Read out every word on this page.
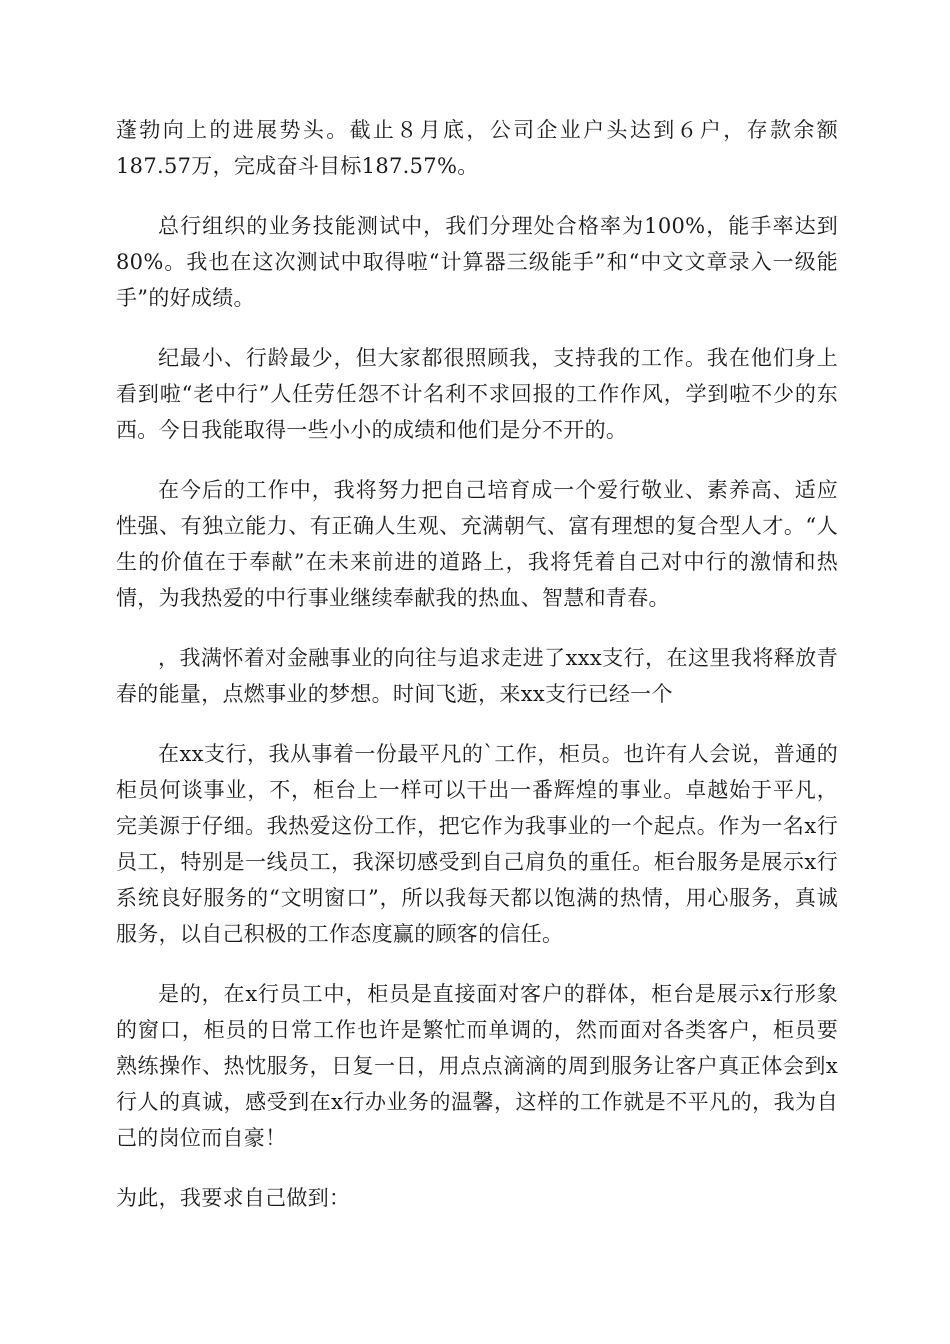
蓬勃向上的进展势头。截止８月底，公司企业户头达到６户，存款余额187.57万，完成奋斗目标187.57%。

总行组织的业务技能测试中，我们分理处合格率为100%，能手率达到80%。我也在这次测试中取得啦“计算器三级能手”和“中文文章录入一级能手”的好成绩。

纪最小、行龄最少，但大家都很照顾我，支持我的工作。我在他们身上看到啦“老中行”人任劳任怨不计名利不求回报的工作作风，学到啦不少的东西。今日我能取得一些小小的成绩和他们是分不开的。

在今后的工作中，我将努力把自己培育成一个爱行敬业、素养高、适应性强、有独立能力、有正确人生观、充满朝气、富有理想的复合型人才。“人生的价值在于奉献”在未来前进的道路上，我将凭着自己对中行的激情和热情，为我热爱的中行事业继续奉献我的热血、智慧和青春。

，我满怀着对金融事业的向往与追求走进了xxx支行，在这里我将释放青春的能量，点燃事业的梦想。时间飞逝，来xx支行已经一个

在xx支行，我从事着一份最平凡的`工作，柜员。也许有人会说，普通的柜员何谈事业，不，柜台上一样可以干出一番辉煌的事业。卓越始于平凡，完美源于仔细。我热爱这份工作，把它作为我事业的一个起点。作为一名x行员工，特别是一线员工，我深切感受到自己肩负的重任。柜台服务是展示x行系统良好服务的“文明窗口”，所以我每天都以饱满的热情，用心服务，真诚服务，以自己积极的工作态度赢的顾客的信任。

是的，在x行员工中，柜员是直接面对客户的群体，柜台是展示x行形象的窗口，柜员的日常工作也许是繁忙而单调的，然而面对各类客户，柜员要熟练操作、热忱服务，日复一日，用点点滴滴的周到服务让客户真正体会到x行人的真诚，感受到在x行办业务的温馨，这样的工作就是不平凡的，我为自己的岗位而自豪！

为此，我要求自己做到：
